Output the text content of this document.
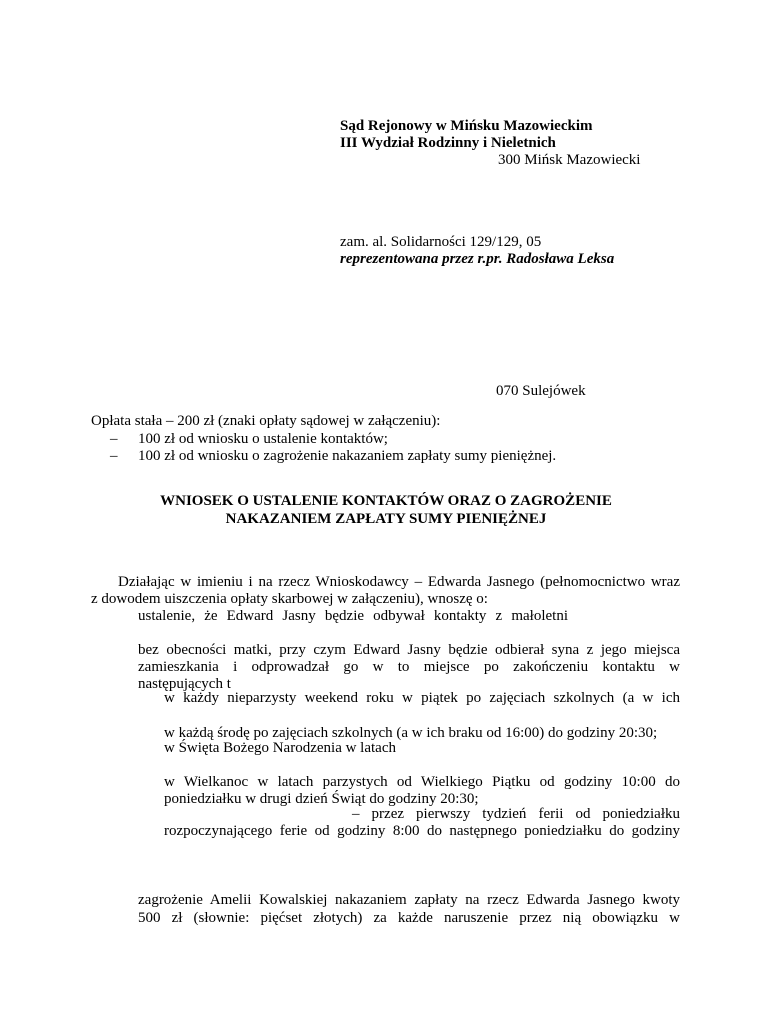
Sąd Rejonowy w Mińsku Mazowieckim
III Wydział Rodzinny i Nieletnich
300 Mińsk Mazowiecki
zam. al. Solidarności 129/129, 05
reprezentowana przez r.pr. Radosława Leksa
070 Sulejówek
Opłata stała – 200 zł (znaki opłaty sądowej w załączeniu):
– 100 zł od wniosku o ustalenie kontaktów;
– 100 zł od wniosku o zagrożenie nakazaniem zapłaty sumy pieniężnej.
WNIOSEK O USTALENIE KONTAKTÓW ORAZ O ZAGROŻENIE
NAKAZANIEM ZAPŁATY SUMY PIENIĘŻNEJ
Działając w imieniu i na rzecz Wnioskodawcy – Edwarda Jasnego (pełnomocnictwo wraz
z dowodem uiszczenia opłaty skarbowej w załączeniu), wnoszę o:
ustalenie, że Edward Jasny będzie odbywał kontakty z małoletni
bez obecności matki, przy czym Edward Jasny będzie odbierał syna z jego miejsca
zamieszkania i odprowadzał go w to miejsce po zakończeniu kontaktu w
następujących t
w każdy nieparzysty weekend roku w piątek po zajęciach szkolnych (a w ich
w każdą środę po zajęciach szkolnych (a w ich braku od 16:00) do godziny 20:30;
w Święta Bożego Narodzenia w latach
w Wielkanoc w latach parzystych od Wielkiego Piątku od godziny 10:00 do
poniedziałku w drugi dzień Świąt do godziny 20:30;
– przez pierwszy tydzień ferii od poniedziałku
rozpoczynającego ferie od godziny 8:00 do następnego poniedziałku do godziny
zagrożenie Amelii Kowalskiej nakazaniem zapłaty na rzecz Edwarda Jasnego kwoty
500 zł (słownie: pięćset złotych) za każde naruszenie przez nią obowiązku w
